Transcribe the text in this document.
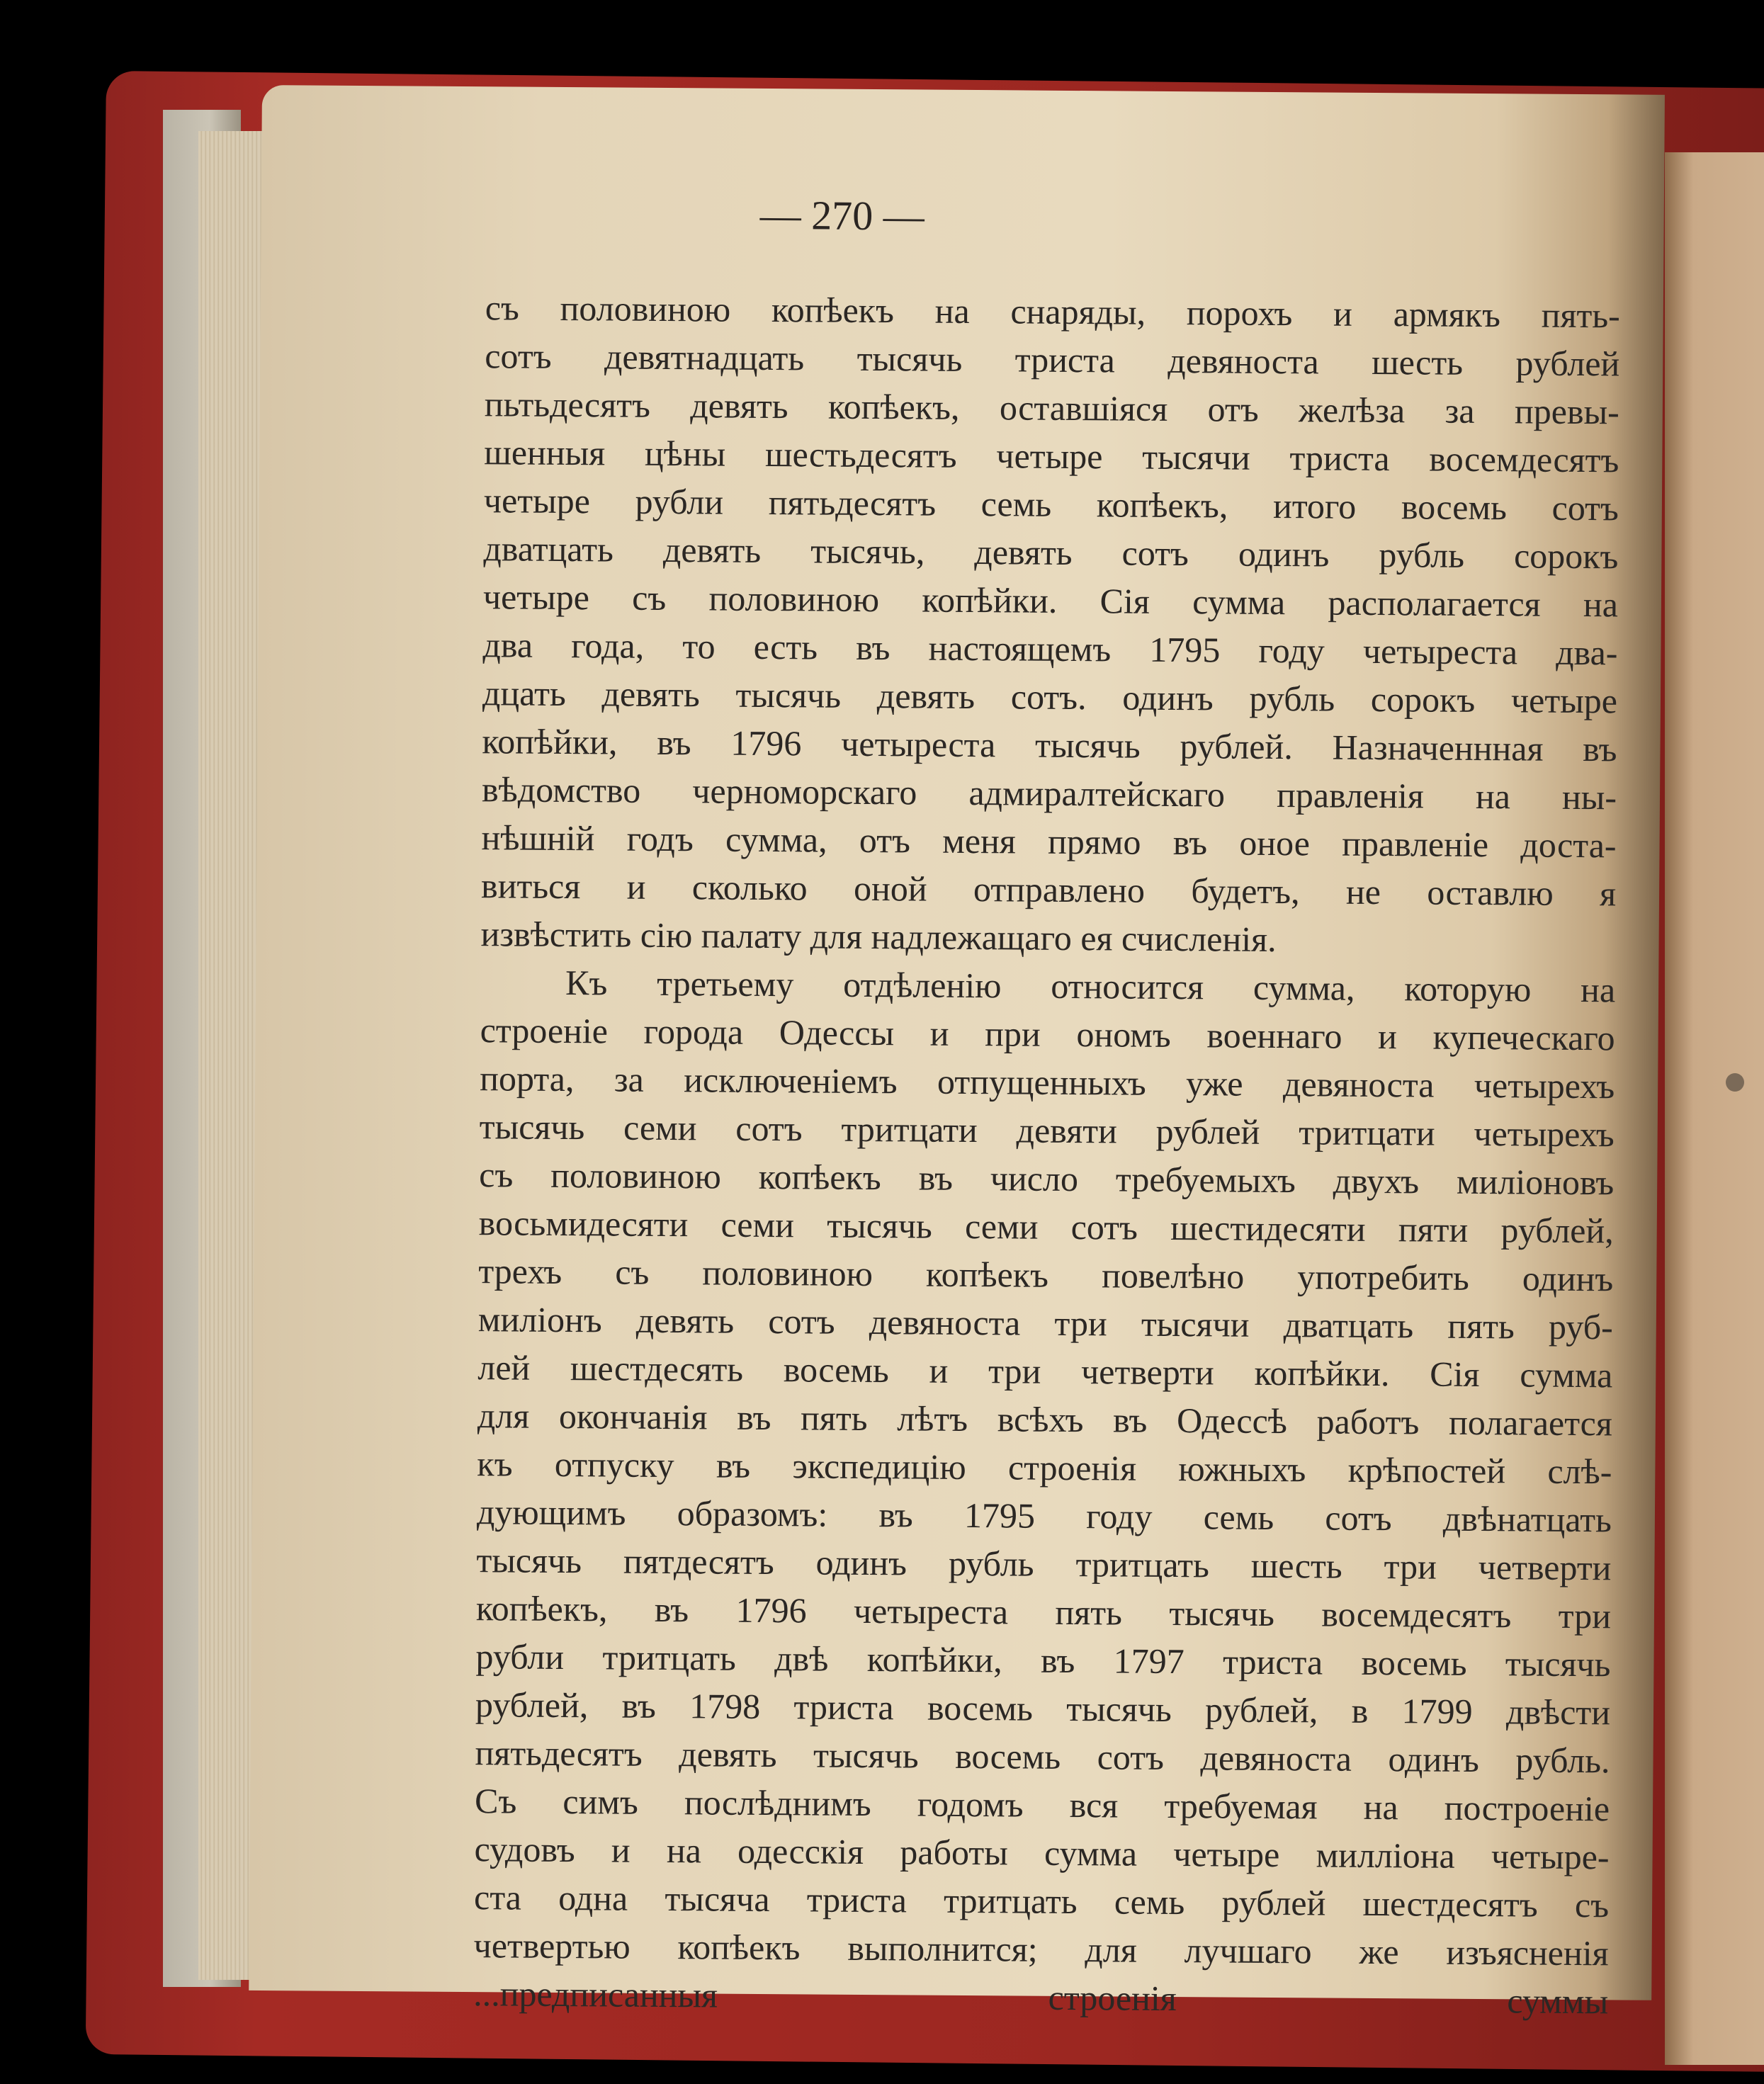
— 270 —
съ половиною копѣекъ на снаряды, порохъ и армякъ пять-
сотъ девятнадцать тысячь триста девяноста шесть рублей
пьтьдесятъ девять копѣекъ, оставшiяся отъ желѣза за превы-
шенныя цѣны шестьдесятъ четыре тысячи триста восемдесятъ
четыре рубли пятьдесятъ семь копѣекъ, итого восемь сотъ
дватцать девять тысячь, девять сотъ одинъ рубль сорокъ
четыре съ половиною копѣйки. Сiя сумма располагается на
два года, то есть въ настоящемъ 1795 году четыреста два-
дцать девять тысячь девять сотъ. одинъ рубль сорокъ четыре
копѣйки, въ 1796 четыреста тысячь рублей. Назначеннная въ
вѣдомство черноморскаго адмиралтейскаго правленiя на ны-
нѣшнiй годъ сумма, отъ меня прямо въ оное правленiе доста-
виться и сколько оной отправлено будетъ, не оставлю я
извѣстить сiю палату для надлежащаго ея счисленiя.
Къ третьему отдѣленiю относится сумма, которую на
строенiе города Одессы и при ономъ военнаго и купеческаго
порта, за исключенiемъ отпущенныхъ уже девяноста четырехъ
тысячь семи сотъ тритцати девяти рублей тритцати четырехъ
съ половиною копѣекъ въ число требуемыхъ двухъ милiоновъ
восьмидесяти семи тысячь семи сотъ шестидесяти пяти рублей,
трехъ съ половиною копѣекъ повелѣно употребить одинъ
милiонъ девять сотъ девяноста три тысячи дватцать пять руб-
лей шестдесять восемь и три четверти копѣйки. Сiя сумма
для окончанiя въ пять лѣтъ всѣхъ въ Одессѣ работъ полагается
къ отпуску въ экспедицiю строенiя южныхъ крѣпостей слѣ-
дующимъ образомъ: въ 1795 году семь сотъ двѣнатцать
тысячь пятдесятъ одинъ рубль тритцать шесть три четверти
копѣекъ, въ 1796 четыреста пять тысячь восемдесятъ три
рубли тритцать двѣ копѣйки, въ 1797 триста восемь тысячь
рублей, въ 1798 триста восемь тысячь рублей, в 1799 двѣсти
пятьдесятъ девять тысячь восемь сотъ девяноста одинъ рубль.
Съ симъ послѣднимъ годомъ вся требуемая на построенiе
судовъ и на одесскiя работы сумма четыре миллiона четыре-
ста одна тысяча триста тритцать семь рублей шестдесятъ съ
четвертью копѣекъ выполнится; для лучшаго же изъясненiя
...предписанныя строенiя суммы
